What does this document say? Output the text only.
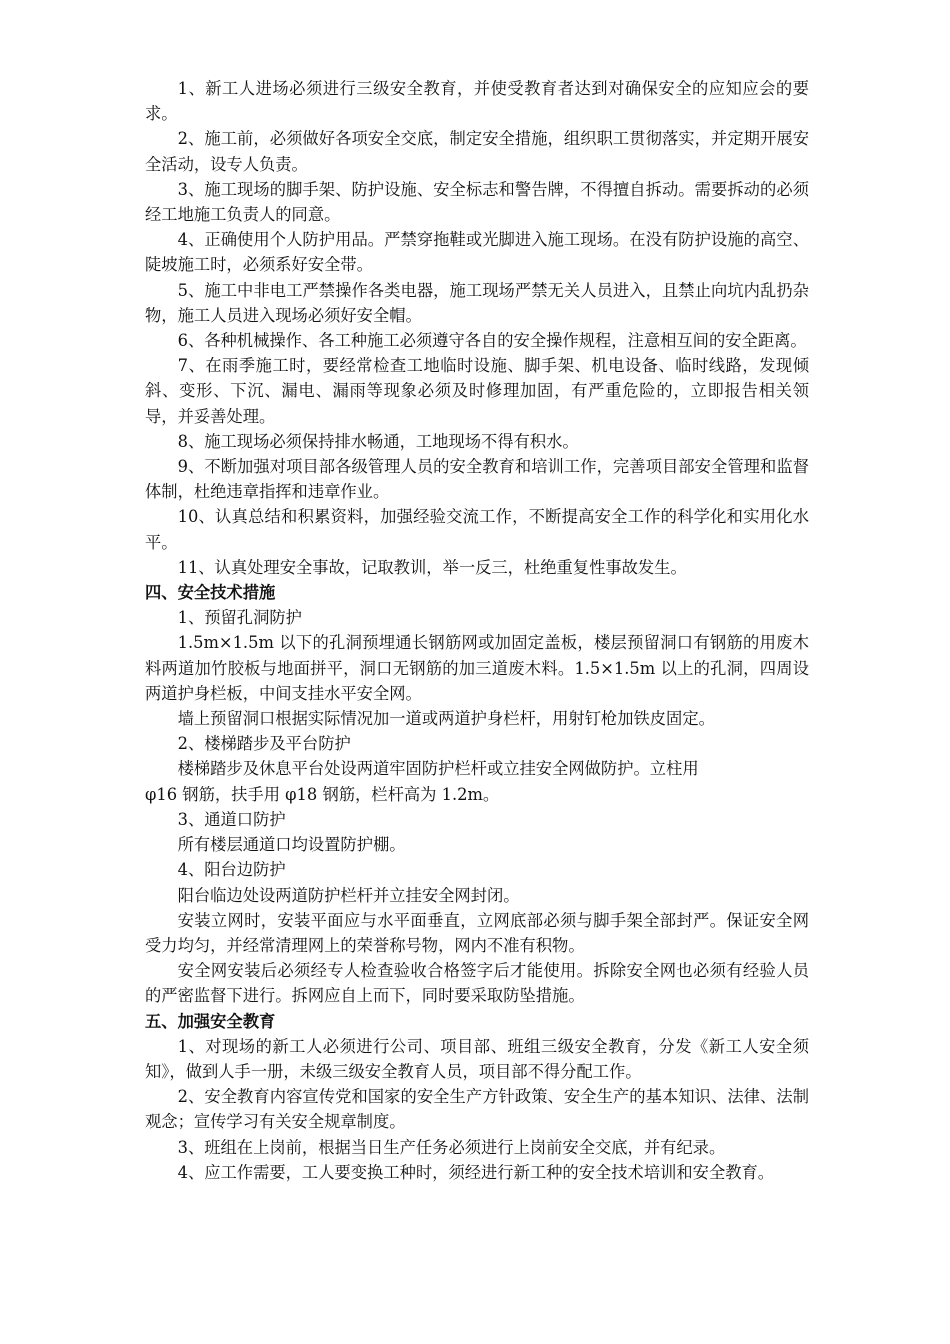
1、新工人进场必须进行三级安全教育，并使受教育者达到对确保安全的应知应会的要求。

2、施工前，必须做好各项安全交底，制定安全措施，组织职工贯彻落实，并定期开展安全活动，设专人负责。

3、施工现场的脚手架、防护设施、安全标志和警告牌，不得擅自拆动。需要拆动的必须经工地施工负责人的同意。

4、正确使用个人防护用品。严禁穿拖鞋或光脚进入施工现场。在没有防护设施的高空、陡坡施工时，必须系好安全带。

5、施工中非电工严禁操作各类电器，施工现场严禁无关人员进入，且禁止向坑内乱扔杂物，施工人员进入现场必须好安全帽。

6、各种机械操作、各工种施工必须遵守各自的安全操作规程，注意相互间的安全距离。

7、在雨季施工时，要经常检查工地临时设施、脚手架、机电设备、临时线路，发现倾斜、变形、下沉、漏电、漏雨等现象必须及时修理加固，有严重危险的，立即报告相关领导，并妥善处理。

8、施工现场必须保持排水畅通，工地现场不得有积水。

9、不断加强对项目部各级管理人员的安全教育和培训工作，完善项目部安全管理和监督体制，杜绝违章指挥和违章作业。

10、认真总结和积累资料，加强经验交流工作，不断提高安全工作的科学化和实用化水平。

11、认真处理安全事故，记取教训，举一反三，杜绝重复性事故发生。

四、安全技术措施

1、预留孔洞防护

1.5m×1.5m 以下的孔洞预埋通长钢筋网或加固定盖板，楼层预留洞口有钢筋的用废木料两道加竹胶板与地面拼平，洞口无钢筋的加三道废木料。1.5×1.5m 以上的孔洞，四周设两道护身栏板，中间支挂水平安全网。

墙上预留洞口根据实际情况加一道或两道护身栏杆，用射钉枪加铁皮固定。

2、楼梯踏步及平台防护

楼梯踏步及休息平台处设两道牢固防护栏杆或立挂安全网做防护。立柱用

φ16 钢筋，扶手用 φ18 钢筋，栏杆高为 1.2m。

3、通道口防护

所有楼层通道口均设置防护棚。

4、阳台边防护

阳台临边处设两道防护栏杆并立挂安全网封闭。

安装立网时，安装平面应与水平面垂直，立网底部必须与脚手架全部封严。保证安全网受力均匀，并经常清理网上的荣誉称号物，网内不准有积物。

安全网安装后必须经专人检查验收合格签字后才能使用。拆除安全网也必须有经验人员的严密监督下进行。拆网应自上而下，同时要采取防坠措施。

五、加强安全教育

1、对现场的新工人必须进行公司、项目部、班组三级安全教育，分发《新工人安全须知》，做到人手一册，未级三级安全教育人员，项目部不得分配工作。

2、安全教育内容宣传党和国家的安全生产方针政策、安全生产的基本知识、法律、法制观念；宣传学习有关安全规章制度。

3、班组在上岗前，根据当日生产任务必须进行上岗前安全交底，并有纪录。

4、应工作需要，工人要变换工种时，须经进行新工种的安全技术培训和安全教育。
